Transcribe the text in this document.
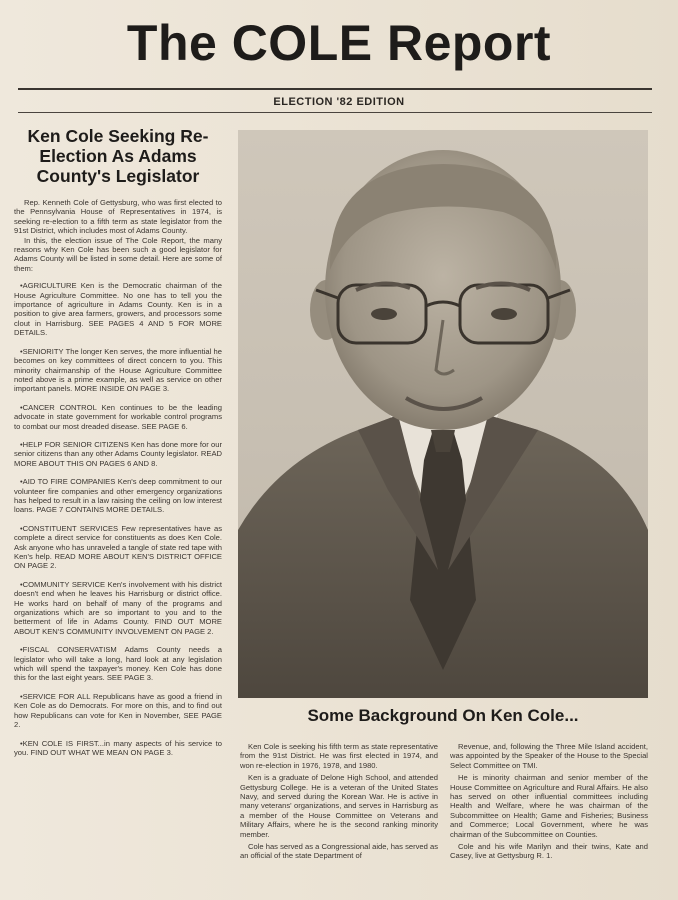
The COLE Report
ELECTION '82 EDITION
Ken Cole Seeking Re-Election As Adams County's Legislator

Rep. Kenneth Cole of Gettysburg, who was first elected to the Pennsylvania House of Representatives in 1974, is seeking re-election to a fifth term as state legislator from the 91st District, which includes most of Adams County.

In this, the election issue of The Cole Report, the many reasons why Ken Cole has been such a good legislator for Adams County will be listed in some detail. Here are some of them:

•AGRICULTURE Ken is the Democratic chairman of the House Agriculture Committee. No one has to tell you the importance of agriculture in Adams County. Ken is in a position to give area farmers, growers, and processors some clout in Harrisburg. SEE PAGES 4 AND 5 FOR MORE DETAILS.

•SENIORITY The longer Ken serves, the more influential he becomes on key committees of direct concern to you. This minority chairmanship of the House Agriculture Committee noted above is a prime example, as well as service on other important panels. MORE INSIDE ON PAGE 3.

•CANCER CONTROL Ken continues to be the leading advocate in state government for workable control programs to combat our most dreaded disease. SEE PAGE 6.

•HELP FOR SENIOR CITIZENS Ken has done more for our senior citizens than any other Adams County legislator. READ MORE ABOUT THIS ON PAGES 6 AND 8.

•AID TO FIRE COMPANIES Ken's deep commitment to our volunteer fire companies and other emergency organizations has helped to result in a law raising the ceiling on low interest loans. PAGE 7 CONTAINS MORE DETAILS.

•CONSTITUENT SERVICES Few representatives have as complete a direct service for constituents as does Ken Cole. Ask anyone who has unraveled a tangle of state red tape with Ken's help. READ MORE ABOUT KEN'S DISTRICT OFFICE ON PAGE 2.

•COMMUNITY SERVICE Ken's involvement with his district doesn't end when he leaves his Harrisburg or district office. He works hard on behalf of many of the programs and organizations which are so important to you and to the betterment of life in Adams County. FIND OUT MORE ABOUT KEN'S COMMUNITY INVOLVEMENT ON PAGE 2.

•FISCAL CONSERVATISM Adams County needs a legislator who will take a long, hard look at any legislation which will spend the taxpayer's money. Ken Cole has done this for the last eight years. SEE PAGE 3.

•SERVICE FOR ALL Republicans have as good a friend in Ken Cole as do Democrats. For more on this, and to find out how Republicans can vote for Ken in November, SEE PAGE 2.

•KEN COLE IS FIRST...in many aspects of his service to you. FIND OUT WHAT WE MEAN ON PAGE 3.

Some Background On Ken Cole...

Ken Cole is seeking his fifth term as state representative from the 91st District. He was first elected in 1974, and won re-election in 1976, 1978, and 1980.

Ken is a graduate of Delone High School, and attended Gettysburg College. He is a veteran of the United States Navy, and served during the Korean War. He is active in many veterans' organizations, and serves in Harrisburg as a member of the House Committee on Veterans and Military Affairs, where he is the second ranking minority member.

Cole has served as a Congressional aide, has served as an official of the state Department of

Revenue, and, following the Three Mile Island accident, was appointed by the Speaker of the House to the Special Select Committee on TMI.

He is minority chairman and senior member of the House Committee on Agriculture and Rural Affairs. He also has served on other influential committees including Health and Welfare, where he was chairman of the Subcommittee on Health; Game and Fisheries; Business and Commerce; Local Government, where he was chairman of the Subcommittee on Counties.

Cole and his wife Marilyn and their twins, Kate and Casey, live at Gettysburg R. 1.
